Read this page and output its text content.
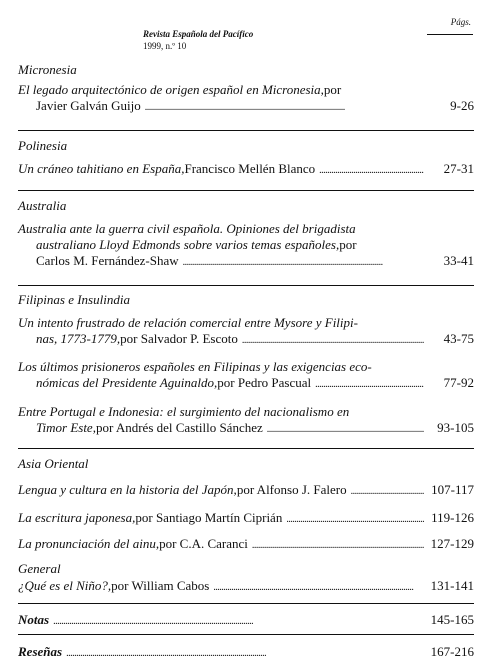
Revista Española del Pacífico
1999, n.º 10
Págs.
Micronesia
El legado arquitectónico de origen español en Micronesia, por
Javier Galván Guijo . . .	9-26
Polinesia
Un cráneo tahitiano en España, Francisco Mellén Blanco . . .	27-31
Australia
Australia ante la guerra civil española. Opiniones del brigadista
australiano Lloyd Edmonds sobre varios temas españoles, por
Carlos M. Fernández-Shaw . . .	33-41
Filipinas e Insulindia
Un intento frustrado de relación comercial entre Mysore y Filipi-
nas, 1773-1779, por Salvador P. Escoto . . .	43-75
Los últimos prisioneros españoles en Filipinas y las exigencias eco-
nómicas del Presidente Aguinaldo, por Pedro Pascual . . .	77-92
Entre Portugal e Indonesia: el surgimiento del nacionalismo en
Timor Este, por Andrés del Castillo Sánchez . . .	93-105
Asia Oriental
Lengua y cultura en la historia del Japón, por Alfonso J. Falero . . .	107-117
La escritura japonesa, por Santiago Martín Ciprián . . .	119-126
La pronunciación del ainu, por C.A. Caranci . . .	127-129
General
¿Qué es el Niño?, por William Cabos . . .	131-141
Notas . . .	145-165
Reseñas . . .	167-216
